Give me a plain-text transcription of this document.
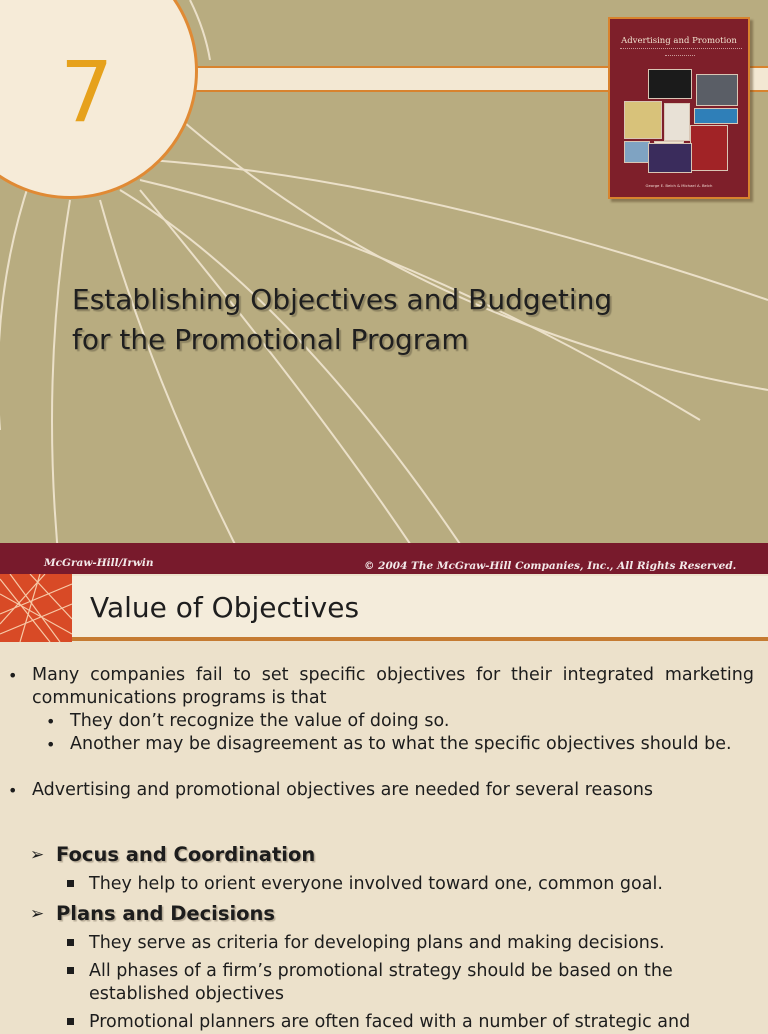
7
Advertising and Promotion
George E. Belch & Michael A. Belch
Establishing Objectives and Budgeting
for the Promotional Program
McGraw-Hill/Irwin	© 2004 The McGraw-Hill Companies, Inc., All Rights Reserved.
Value of Objectives
• Many companies fail to set specific objectives for their integrated marketing communications programs is that
• They don’t recognize the value of doing so.
• Another may be disagreement as to what the specific objectives should be.
• Advertising and promotional objectives are needed for several reasons
➢ Focus and Coordination
They help to orient everyone involved toward one, common goal.
➢ Plans and Decisions
They serve as criteria for developing plans and making decisions.
All phases of a firm’s promotional strategy should be based on the established objectives
Promotional planners are often faced with a number of strategic and
